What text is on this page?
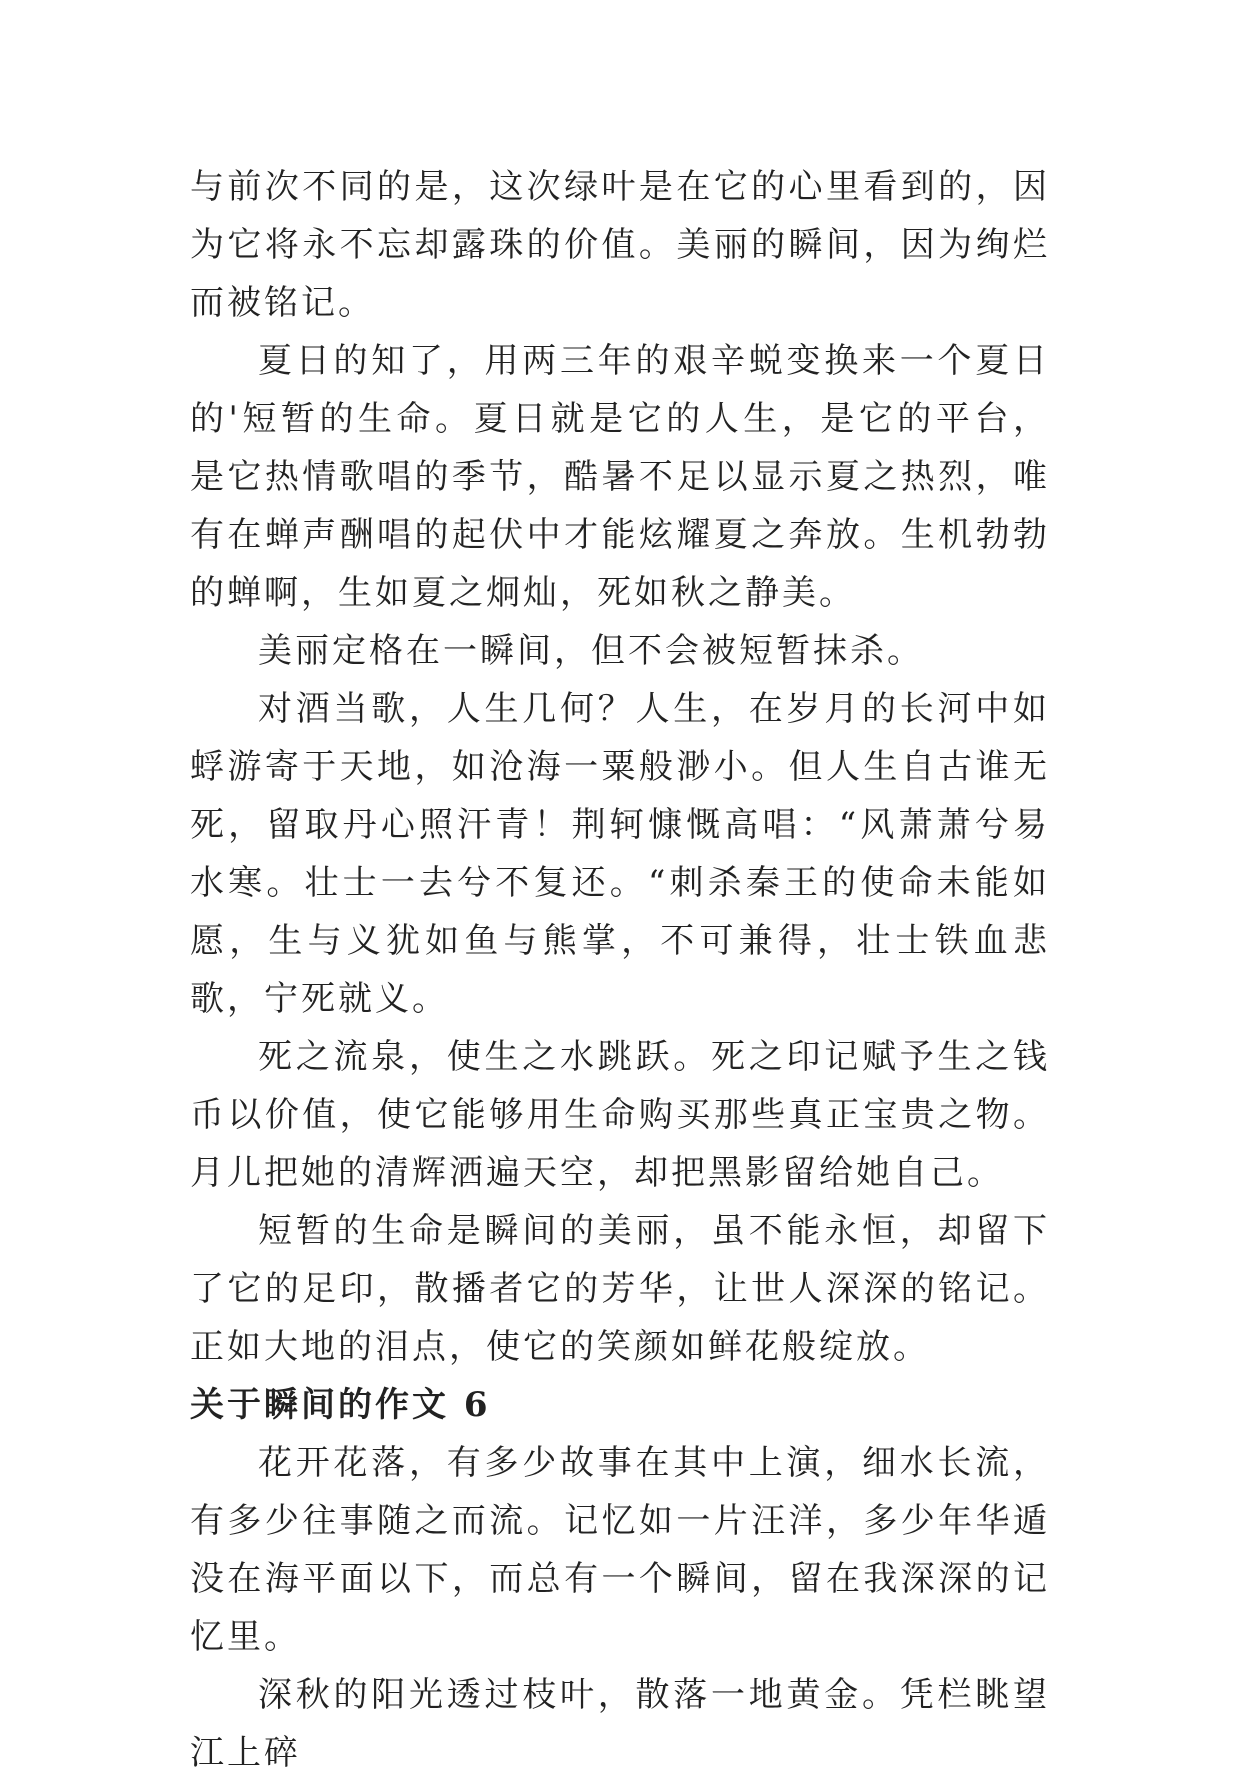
与前次不同的是，这次绿叶是在它的心里看到的，因为它将永不忘却露珠的价值。美丽的瞬间，因为绚烂而被铭记。

夏日的知了，用两三年的艰辛蜕变换来一个夏日的'短暂的生命。夏日就是它的人生，是它的平台，是它热情歌唱的季节，酷暑不足以显示夏之热烈，唯有在蝉声酬唱的起伏中才能炫耀夏之奔放。生机勃勃的蝉啊，生如夏之炯灿，死如秋之静美。

美丽定格在一瞬间，但不会被短暂抹杀。

对酒当歌，人生几何？人生，在岁月的长河中如蜉游寄于天地，如沧海一粟般渺小。但人生自古谁无死，留取丹心照汗青！荆轲慷慨高唱：“风萧萧兮易水寒。壮士一去兮不复还。“刺杀秦王的使命未能如愿，生与义犹如鱼与熊掌，不可兼得，壮士铁血悲歌，宁死就义。

死之流泉，使生之水跳跃。死之印记赋予生之钱币以价值，使它能够用生命购买那些真正宝贵之物。月儿把她的清辉洒遍天空，却把黑影留给她自己。

短暂的生命是瞬间的美丽，虽不能永恒，却留下了它的足印，散播者它的芳华，让世人深深的铭记。正如大地的泪点，使它的笑颜如鲜花般绽放。

关于瞬间的作文 6

花开花落，有多少故事在其中上演，细水长流，有多少往事随之而流。记忆如一片汪洋，多少年华遁没在海平面以下，而总有一个瞬间，留在我深深的记忆里。

深秋的阳光透过枝叶，散落一地黄金。凭栏眺望江上碎
